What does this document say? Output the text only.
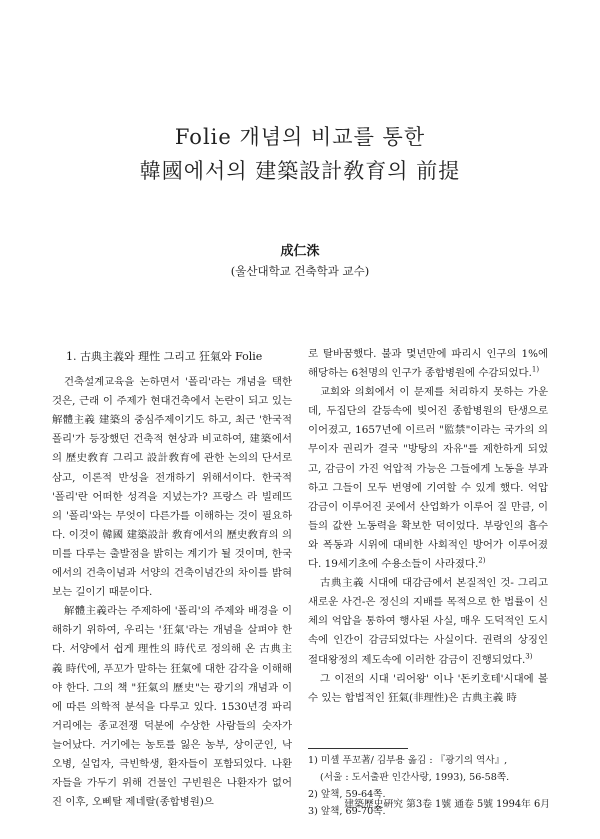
Folie 개념의 비교를 통한
韓國에서의 建築設計敎育의 前提
成仁洙
(울산대학교 건축학과 교수)
1. 古典主義와 理性 그리고 狂氣와 Folie

건축설계교육을 논하면서 '폴리'라는 개념을 택한 것은, 근래 이 주제가 현대건축에서 논란이 되고 있는 解體主義 建築의 중심주제이기도 하고, 최근 '한국적 폴리'가 등장했던 건축적 현상과 비교하여, 建築에서의 歷史敎育 그리고 設計敎育에 관한 논의의 단서로 삼고, 이론적 반성을 전개하기 위해서이다. 한국적 '폴리'란 어떠한 성격을 지녔는가? 프랑스 라 빌레뜨의 '폴리'와는 무엇이 다른가를 이해하는 것이 필요하다. 이것이 韓國 建築設計 敎育에서의 歷史敎育의 의미를 다루는 출발점을 밝히는 계기가 될 것이며, 한국에서의 건축이념과 서양의 건축이념간의 차이를 밝혀 보는 길이기 때문이다.

解體主義라는 주제하에 '폴리'의 주제와 배경을 이해하기 위하여, 우리는 '狂氣'라는 개념을 살펴야 한다. 서양에서 쉽게 理性의 時代로 정의해 온 古典主義 時代에, 푸꼬가 말하는 狂氣에 대한 감각을 이해해야 한다. 그의 책 "狂氣의 歷史"는 광기의 개념과 이에 따른 의학적 분석을 다루고 있다. 1530년경 파리 거리에는 종교전쟁 덕분에 수상한 사람들의 숫자가 늘어났다. 거기에는 농토를 잃은 농부, 상이군인, 낙오병, 실업자, 극빈학생, 환자들이 포함되었다. 나환자들을 가두기 위해 건물인 구빈원은 나환자가 없어진 이후, 오삐탈 제네랄(종합병원)으

로 탈바꿈했다. 불과 몇년만에 파리시 인구의 1%에 해당하는 6천명의 인구가 종합병원에 수감되었다.$^{1)}$

교회와 의회에서 이 문제를 처리하지 못하는 가운데, 두집단의 갈등속에 빚어진 종합병원의 탄생으로 이어졌고, 1657년에 이르러 "監禁"이라는 국가의 의무이자 권리가 결국 "방탕의 자유"를 제한하게 되었고, 감금이 가진 억압적 가능은 그들에게 노동을 부과하고 그들이 모두 번영에 기여할 수 있게 했다. 억압 감금이 이루어진 곳에서 산업화가 이루어 질 만큼, 이들의 값싼 노동력을 확보한 덕이었다. 부랑인의 흡수와 폭동과 시위에 대비한 사회적인 방어가 이루어졌다. 19세기초에 수용소들이 사라졌다.$^{2)}$

古典主義 시대에 대감금에서 본질적인 것- 그리고 새로운 사건-은 정신의 지배를 목적으로 한 법률이 신체의 억압을 통하여 행사된 사실, 매우 도덕적인 도시속에 인간이 감금되었다는 사실이다. 권력의 상징인 절대왕정의 제도속에 이러한 감금이 진행되었다.$^{3)}$

그 이전의 시대 '리어왕' 이나 '돈키호테'시대에 볼 수 있는 합법적인 狂氣(非理性)은 古典主義 時

1) 미셸 푸꼬著/ 김부용 옮김 : 『광기의 역사』,
(서울 : 도서출판 인간사랑, 1993), 56-58쪽.
2) 앞책, 59-64쪽.
3) 앞책, 69-70쪽.
建築歷史硏究 第3卷 1號 通卷 5號 1994年 6月
